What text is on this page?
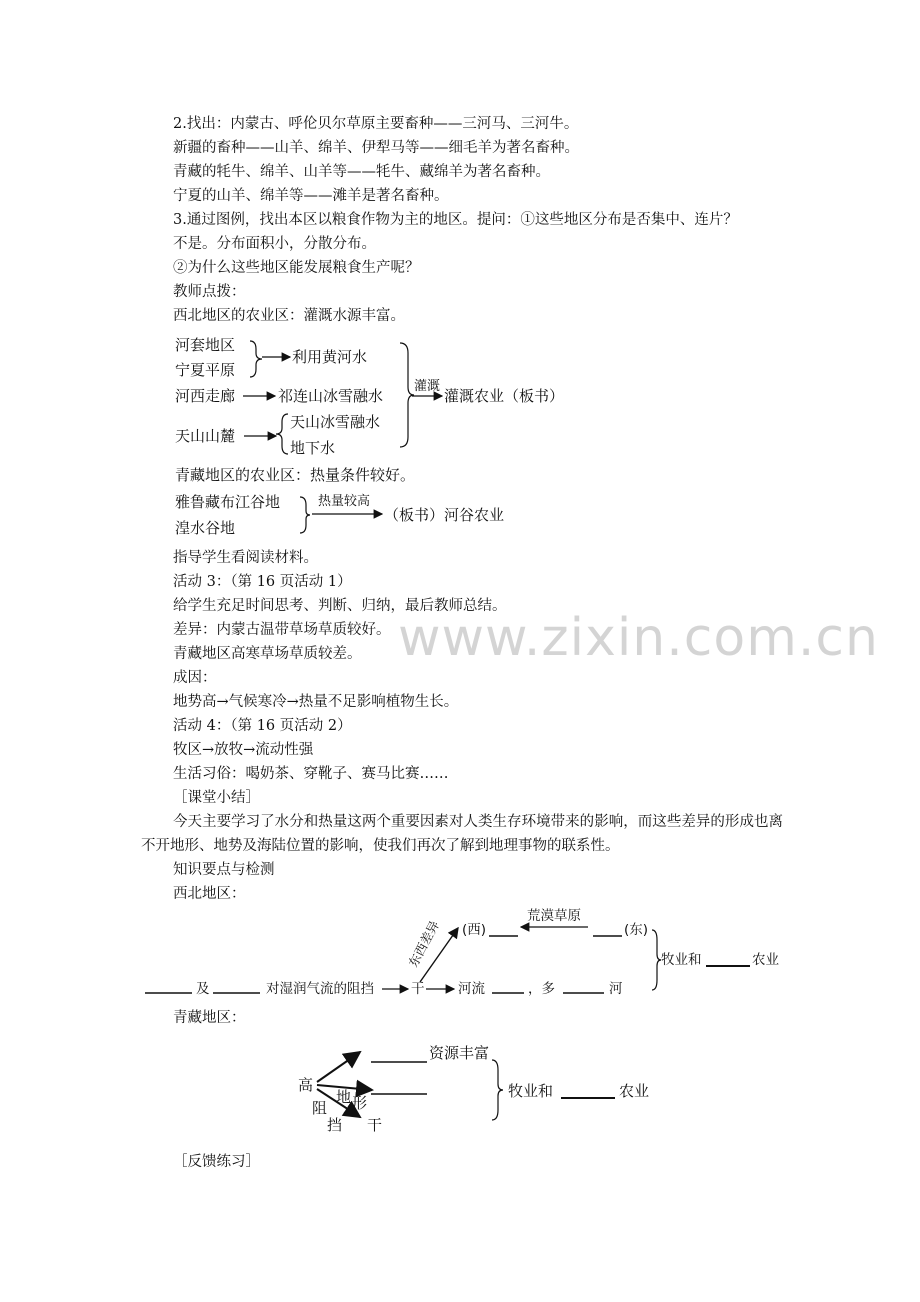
www.zixin.com.cn
2.找出：内蒙古、呼伦贝尔草原主要畜种——三河马、三河牛。
新疆的畜种——山羊、绵羊、伊犁马等——细毛羊为著名畜种。
青藏的牦牛、绵羊、山羊等——牦牛、藏绵羊为著名畜种。
宁夏的山羊、绵羊等——滩羊是著名畜种。
3.通过图例，找出本区以粮食作物为主的地区。提问：①这些地区分布是否集中、连片？
不是。分布面积小，分散分布。
②为什么这些地区能发展粮食生产呢？
教师点拨：
西北地区的农业区：灌溉水源丰富。
河套地区
宁夏平原
利用黄河水
河西走廊	祁连山冰雪融水
天山山麓
天山冰雪融水
地下水
灌溉
灌溉农业（板书）
青藏地区的农业区：热量条件较好。
雅鲁藏布江谷地
湟水谷地
热量较高
（板书）河谷农业
指导学生看阅读材料。
活动 3：（第 16 页活动 1）
给学生充足时间思考、判断、归纳，最后教师总结。
差异：内蒙古温带草场草质较好。
青藏地区高寒草场草质较差。
成因：
地势高→气候寒冷→热量不足影响植物生长。
活动 4：（第 16 页活动 2）
牧区→放牧→流动性强
生活习俗：喝奶茶、穿靴子、赛马比赛……
［课堂小结］
今天主要学习了水分和热量这两个重要因素对人类生存环境带来的影响，而这些差异的形成也离不开地形、地势及海陆位置的影响，使我们再次了解到地理事物的联系性。
知识要点与检测
西北地区：
及	对湿润气流的阻挡	干 河流	，多	河
东西差异 (西)
荒漠草原
(东)
牧业和	农业
青藏地区：
高
地 形
阻
挡 干
资源丰富
牧业和	农业
［反馈练习］
